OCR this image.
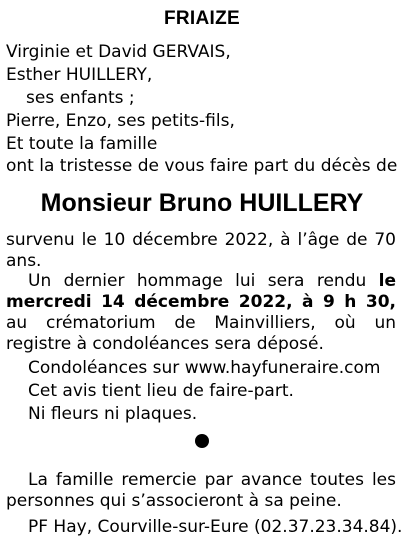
FRIAIZE
Virginie et David GERVAIS,
Esther HUILLERY,
ses enfants ;
Pierre, Enzo, ses petits-fils,
Et toute la famille
ont la tristesse de vous faire part du décès de
Monsieur Bruno HUILLERY
survenu le 10 décembre 2022, à l’âge de 70 ans.
Un dernier hommage lui sera rendu le mercredi 14 décembre 2022, à 9 h 30, au crématorium de Mainvilliers, où un registre à condoléances sera déposé.
Condoléances sur www.hayfuneraire.com
Cet avis tient lieu de faire-part.
Ni fleurs ni plaques.
La famille remercie par avance toutes les personnes qui s’associeront à sa peine.
PF Hay, Courville-sur-Eure (02.37.23.34.84).
